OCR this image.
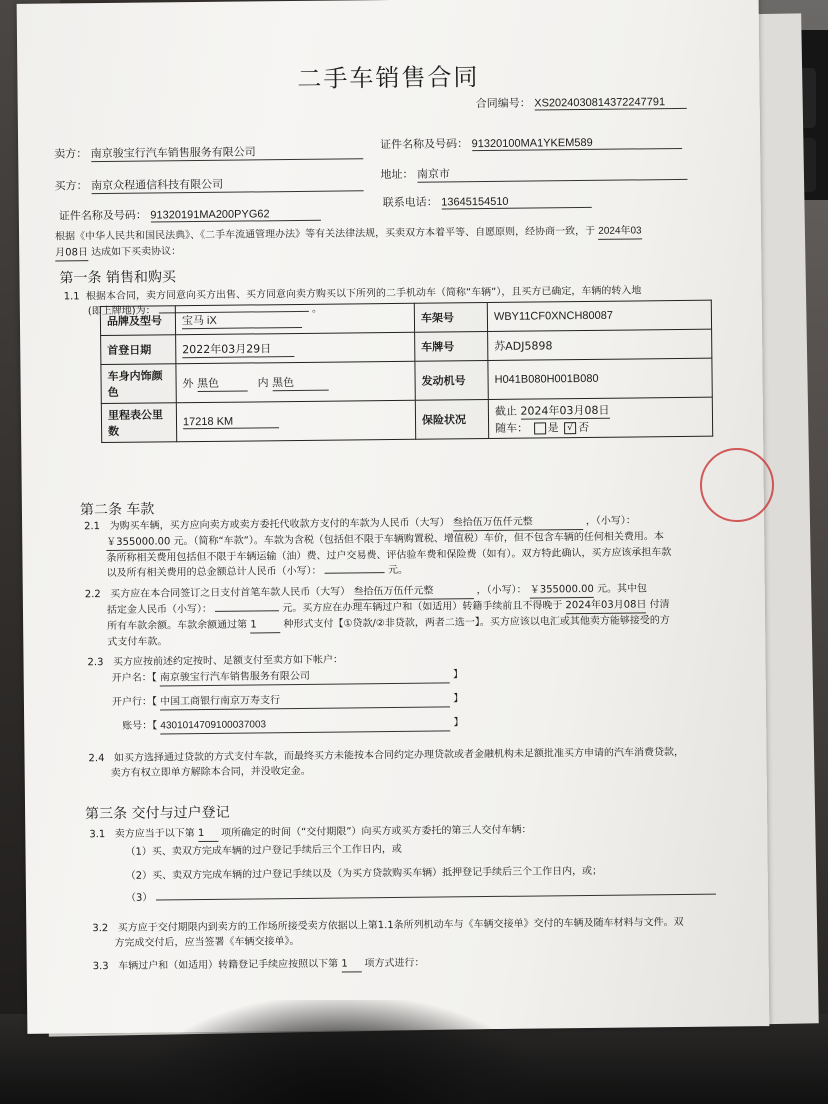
二手车销售合同
合同编号： XS2024030814372247791
卖方： 南京骏宝行汽车销售服务有限公司
证件名称及号码： 91320100MA1YKEM589
买方： 南京众程通信科技有限公司
地址： 南京市
证件名称及号码： 91320191MA200PYG62
联系电话： 13645154510
根据《中华人民共和国民法典》、《二手车流通管理办法》等有关法律法规，买卖双方本着平等、自愿原则，经协商一致，于 2024年03
月08日 达成如下买卖协议：
第一条 销售和购买
1.1 根据本合同，卖方同意向买方出售、买方同意向卖方购买以下所列的二手机动车（简称“车辆”），且买方已确定，车辆的转入地
(即上牌地)为：	。
品牌及型号	宝马 iX	车架号	WBY11CF0XNCH80087
首登日期	2022年03月29日	车牌号	苏ADJ5898
车身内饰颜色	外 黑色 内 黑色	发动机号	H041B080H001B080
里程表公里数	17218 KM	保险状况	截止 2024年03月08日
随车： 是 √ 否
第二条 车款
2.1 为购买车辆，买方应向卖方或卖方委托代收款方支付的车款为人民币（大写） 叁拾伍万伍仟元整	，（小写）：
￥355000.00 元。（简称“车款”）。车款为含税（包括但不限于车辆购置税、增值税）车价，但不包含车辆的任何相关费用。本
条所称相关费用包括但不限于车辆运输（油）费、过户交易费、评估验车费和保险费（如有）。双方特此确认，买方应该承担车款
以及所有相关费用的总金额总计人民币（小写）：	元。
2.2 买方应在本合同签订之日支付首笔车款人民币（大写） 叁拾伍万伍仟元整	，（小写）： ￥355000.00 元。其中包
括定金人民币（小写）：	元。买方应在办理车辆过户和（如适用）转籍手续前且不得晚于 2024年03月08日 付清
所有车款余额。车款余额通过第 1	种形式支付【①贷款/②非贷款，两者二选一】。买方应该以电汇或其他卖方能够接受的方
式支付车款。
2.3 买方应按前述约定按时、足额支付至卖方如下帐户：
开户名：【 南京骏宝行汽车销售服务有限公司	】
开户行：【 中国工商银行南京万寿支行	】
账号：【 4301014709100037003	】
2.4 如买方选择通过贷款的方式支付车款，而最终买方未能按本合同约定办理贷款或者金融机构未足额批准买方申请的汽车消费贷款，
卖方有权立即单方解除本合同，并没收定金。
第三条 交付与过户登记
3.1 卖方应当于以下第 1 项所确定的时间（“交付期限”）向买方或买方委托的第三人交付车辆：
（1）买、卖双方完成车辆的过户登记手续后三个工作日内，或
（2）买、卖双方完成车辆的过户登记手续以及（为买方贷款购买车辆）抵押登记手续后三个工作日内，或；
（3）
3.2 买方应于交付期限内到卖方的工作场所接受卖方依据以上第1.1条所列机动车与《车辆交接单》交付的车辆及随车材料与文件。双
方完成交付后，应当签署《车辆交接单》。
3.3 车辆过户和（如适用）转籍登记手续应按照以下第 1 项方式进行：
